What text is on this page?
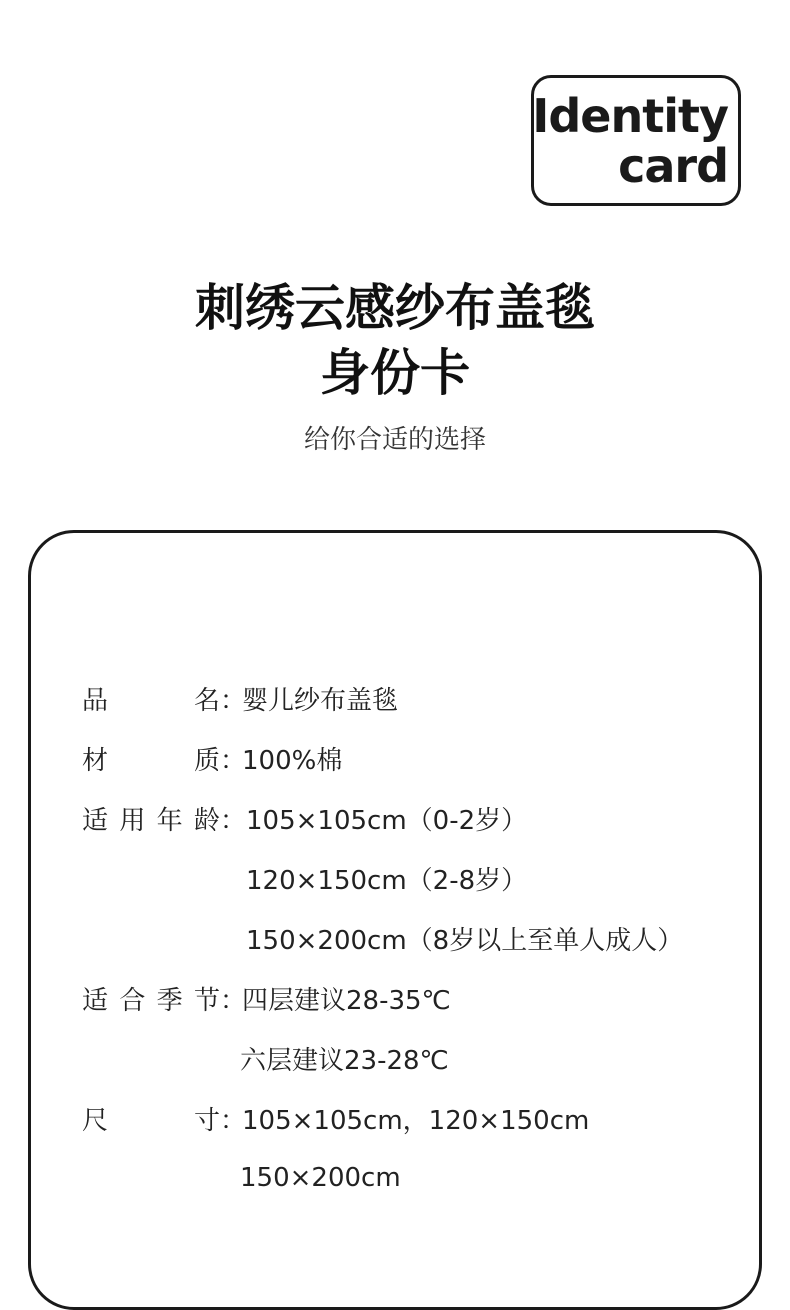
Identity
card
刺绣云感纱布盖毯
身份卡
给你合适的选择
品	名 ：
婴儿纱布盖毯
材	质 ：
100%棉
适 用 年 龄 ： 105×105cm（0-2岁）
120×150cm（2-8岁）
150×200cm（8岁以上至单人成人）
适 合 季 节 ：
四层建议28-35℃
六层建议23-28℃
尺	寸 ：
105×105cm，120×150cm
150×200cm
